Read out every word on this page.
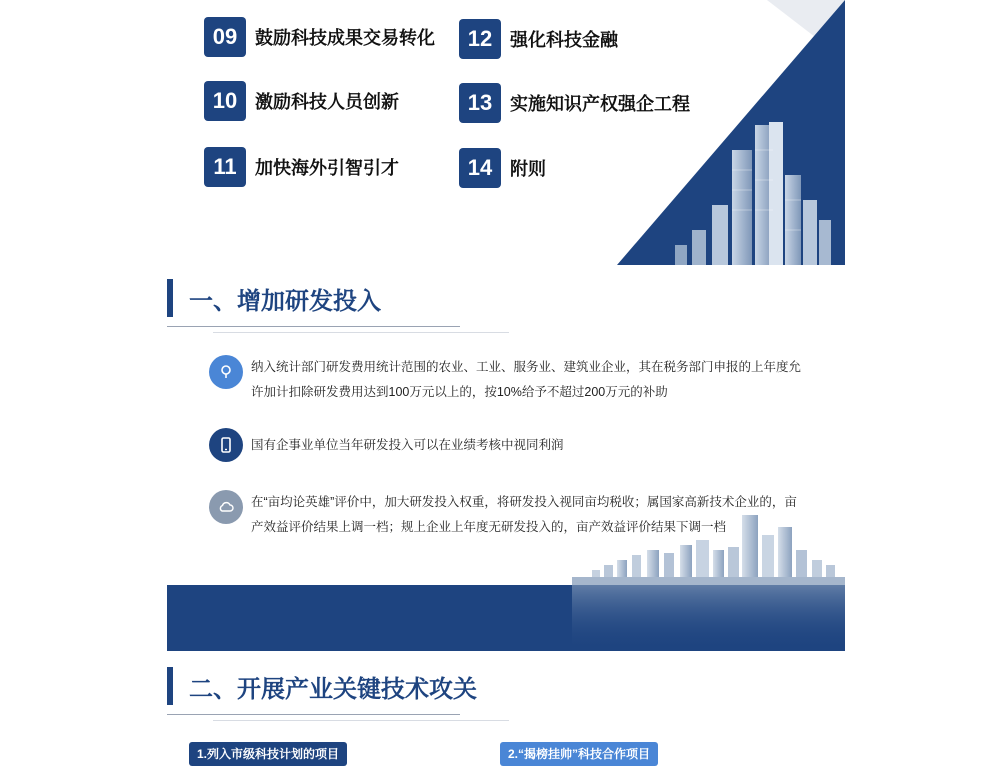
09 鼓励科技成果交易转化	12 强化科技金融
10 激励科技人员创新	13 实施知识产权强企工程
11	加快海外引智引才	14 附则
一、增加研发投入
纳入统计部门研发费用统计范围的农业、工业、服务业、建筑业企业，其在税务部门申报的上年度允许加计扣除研发费用达到100万元以上的，按10%给予不超过200万元的补助
国有企事业单位当年研发投入可以在业绩考核中视同利润
在“亩均论英雄”评价中，加大研发投入权重，将研发投入视同亩均税收；属国家高新技术企业的，亩产效益评价结果上调一档；规上企业上年度无研发投入的，亩产效益评价结果下调一档
二、开展产业关键技术攻关
1.列入市级科技计划的项目	2.“揭榜挂帅”科技合作项目
